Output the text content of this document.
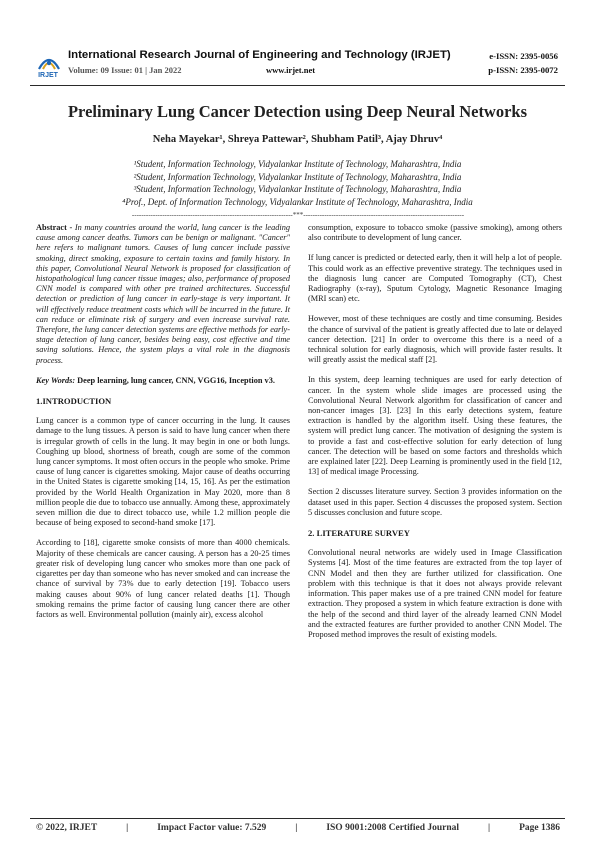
IRJET
International Research Journal of Engineering and Technology (IRJET)
Volume: 09 Issue: 01 | Jan 2022	www.irjet.net
e-ISSN: 2395-0056
p-ISSN: 2395-0072
Preliminary Lung Cancer Detection using Deep Neural Networks
Neha Mayekar¹, Shreya Pattewar², Shubham Patil³, Ajay Dhruv⁴
¹Student, Information Technology, Vidyalankar Institute of Technology, Maharashtra, India
²Student, Information Technology, Vidyalankar Institute of Technology, Maharashtra, India
³Student, Information Technology, Vidyalankar Institute of Technology, Maharashtra, India
⁴Prof., Dept. of Information Technology, Vidyalankar Institute of Technology, Maharashtra, India
---------------------------------------------------------------------***---------------------------------------------------------------------

Abstract - In many countries around the world, lung cancer is the leading cause among cancer deaths. Tumors can be benign or malignant. "Cancer" here refers to malignant tumors. Causes of lung cancer include passive smoking, direct smoking, exposure to certain toxins and family history. In this paper, Convolutional Neural Network is proposed for classification of histopathological lung cancer tissue images; also, performance of proposed CNN model is compared with other pre trained architectures. Successful detection or prediction of lung cancer in early-stage is very important. It will effectively reduce treatment costs which will be incurred in the future. It can reduce or eliminate risk of surgery and even increase survival rate. Therefore, the lung cancer detection systems are effective methods for early-stage detection of lung cancer, besides being easy, cost effective and time saving solutions. Hence, the system plays a vital role in the diagnosis process.

Key Words: Deep learning, lung cancer, CNN, VGG16, Inception v3.

1.INTRODUCTION

Lung cancer is a common type of cancer occurring in the lung. It causes damage to the lung tissues. A person is said to have lung cancer when there is irregular growth of cells in the lung. It may begin in one or both lungs. Coughing up blood, shortness of breath, cough are some of the common lung cancer symptoms. It most often occurs in the people who smoke. Prime cause of lung cancer is cigarettes smoking. Major cause of deaths occurring in the United States is cigarette smoking [14, 15, 16]. As per the estimation provided by the World Health Organization in May 2020, more than 8 million people die due to tobacco use annually. Among these, approximately seven million die due to direct tobacco use, while 1.2 million people die because of being exposed to second-hand smoke [17].

According to [18], cigarette smoke consists of more than 4000 chemicals. Majority of these chemicals are cancer causing. A person has a 20-25 times greater risk of developing lung cancer who smokes more than one pack of cigarettes per day than someone who has never smoked and can increase the chance of survival by 73% due to early detection [19]. Tobacco users making causes about 90% of lung cancer related deaths [1]. Though smoking remains the prime factor of causing lung cancer there are other factors as well. Environmental pollution (mainly air), excess alcohol

consumption, exposure to tobacco smoke (passive smoking), among others also contribute to development of lung cancer.

If lung cancer is predicted or detected early, then it will help a lot of people. This could work as an effective preventive strategy. The techniques used in the diagnosis lung cancer are Computed Tomography (CT), Chest Radiography (x-ray), Sputum Cytology, Magnetic Resonance Imaging (MRI scan) etc.

However, most of these techniques are costly and time consuming. Besides the chance of survival of the patient is greatly affected due to late or delayed cancer detection. [21] In order to overcome this there is a need of a technical solution for early diagnosis, which will provide faster results. It will greatly assist the medical staff [2].

In this system, deep learning techniques are used for early detection of cancer. In the system whole slide images are processed using the Convolutional Neural Network algorithm for classification of cancer and non-cancer images [3]. [23] In this early detections system, feature extraction is handled by the algorithm itself. Using these features, the system will predict lung cancer. The motivation of designing the system is to provide a fast and cost-effective solution for early detection of lung cancer. The detection will be based on some factors and thresholds which are explained later [22]. Deep Learning is prominently used in the field [12, 13] of medical image Processing.

Section 2 discusses literature survey. Section 3 provides information on the dataset used in this paper. Section 4 discusses the proposed system. Section 5 discusses conclusion and future scope.

2. LITERATURE SURVEY

Convolutional neural networks are widely used in Image Classification Systems [4]. Most of the time features are extracted from the top layer of CNN Model and then they are further utilized for classification. One problem with this technique is that it does not always provide relevant information. This paper makes use of a pre trained CNN model for feature extraction. They proposed a system in which feature extraction is done with the help of the second and third layer of the already learned CNN Model and the extracted features are further provided to another CNN Model. The Proposed method improves the result of existing models.

© 2022, IRJET	|	Impact Factor value: 7.529	|	ISO 9001:2008 Certified Journal	|	Page 1386
